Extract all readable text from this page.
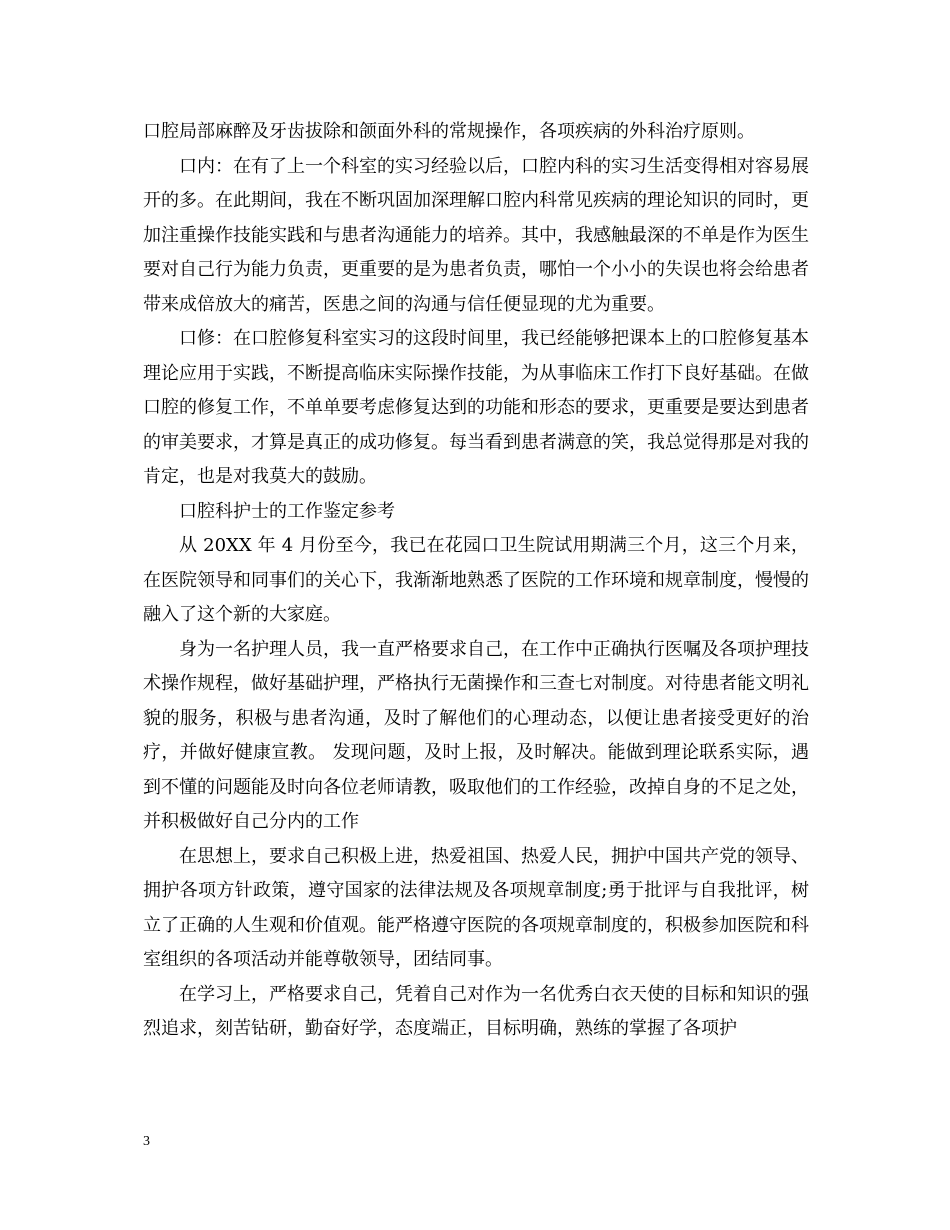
口腔局部麻醉及牙齿拔除和颌面外科的常规操作，各项疾病的外科治疗原则。

口内：在有了上一个科室的实习经验以后，口腔内科的实习生活变得相对容易展开的多。在此期间，我在不断巩固加深理解口腔内科常见疾病的理论知识的同时，更加注重操作技能实践和与患者沟通能力的培养。其中，我感触最深的不单是作为医生要对自己行为能力负责，更重要的是为患者负责，哪怕一个小小的失误也将会给患者带来成倍放大的痛苦，医患之间的沟通与信任便显现的尤为重要。

口修：在口腔修复科室实习的这段时间里，我已经能够把课本上的口腔修复基本理论应用于实践，不断提高临床实际操作技能，为从事临床工作打下良好基础。在做口腔的修复工作，不单单要考虑修复达到的功能和形态的要求，更重要是要达到患者的审美要求，才算是真正的成功修复。每当看到患者满意的笑，我总觉得那是对我的肯定，也是对我莫大的鼓励。

口腔科护士的工作鉴定参考

从 20XX 年 4 月份至今，我已在花园口卫生院试用期满三个月，这三个月来，在医院领导和同事们的关心下，我渐渐地熟悉了医院的工作环境和规章制度，慢慢的融入了这个新的大家庭。

身为一名护理人员，我一直严格要求自己，在工作中正确执行医嘱及各项护理技术操作规程，做好基础护理，严格执行无菌操作和三查七对制度。对待患者能文明礼貌的服务，积极与患者沟通，及时了解他们的心理动态，以便让患者接受更好的治疗，并做好健康宣教。 发现问题，及时上报，及时解决。能做到理论联系实际，遇到不懂的问题能及时向各位老师请教，吸取他们的工作经验，改掉自身的不足之处，并积极做好自己分内的工作

在思想上，要求自己积极上进，热爱祖国、热爱人民，拥护中国共产党的领导、拥护各项方针政策，遵守国家的法律法规及各项规章制度;勇于批评与自我批评，树立了正确的人生观和价值观。能严格遵守医院的各项规章制度的，积极参加医院和科室组织的各项活动并能尊敬领导，团结同事。

在学习上，严格要求自己，凭着自己对作为一名优秀白衣天使的目标和知识的强烈追求，刻苦钻研，勤奋好学，态度端正，目标明确，熟练的掌握了各项护

3
